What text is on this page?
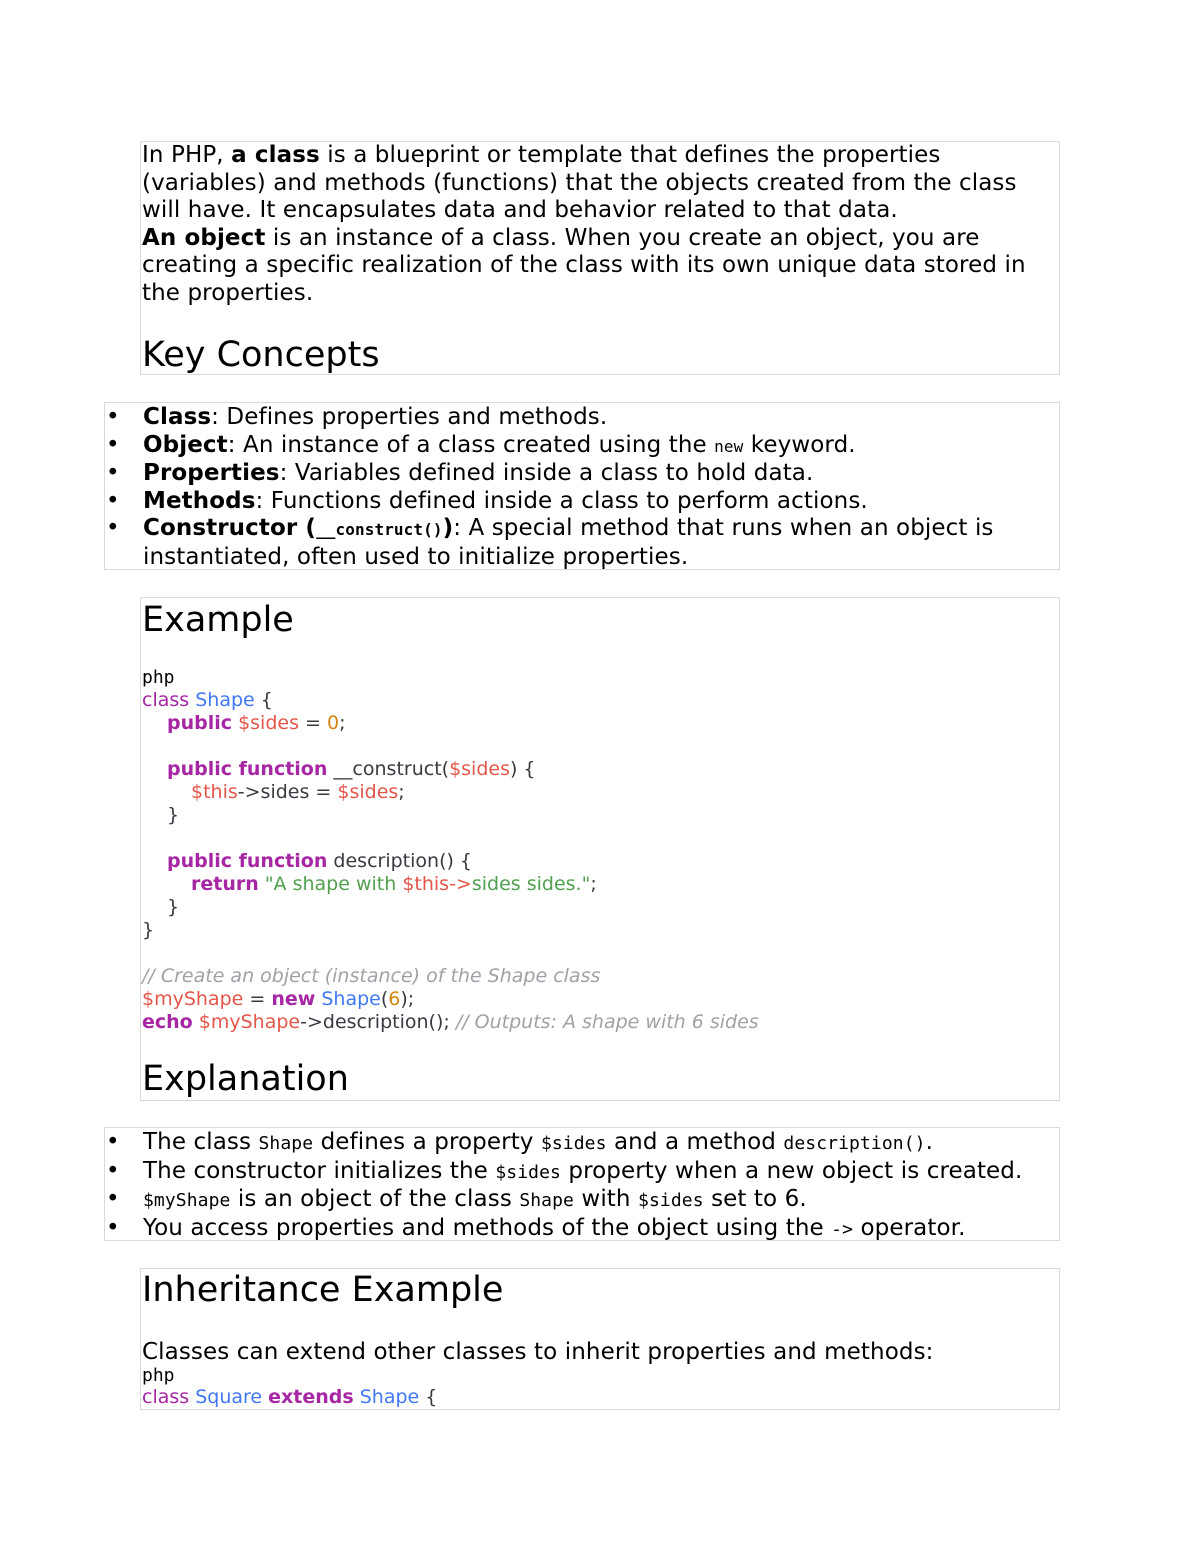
In PHP, a class is a blueprint or template that defines the properties
(variables) and methods (functions) that the objects created from the class
will have. It encapsulates data and behavior related to that data.
An object is an instance of a class. When you create an object, you are
creating a specific realization of the class with its own unique data stored in
the properties.
Key Concepts
• Class: Defines properties and methods.
• Object: An instance of a class created using the new keyword.
• Properties: Variables defined inside a class to hold data.
• Methods: Functions defined inside a class to perform actions.
• Constructor (__construct()): A special method that runs when an object is
instantiated, often used to initialize properties.
Example
php
class Shape {
public $sides = 0;
public function __construct($sides) {
$this->sides = $sides;
}
public function description() {
return "A shape with $this->sides sides.";
}
}
// Create an object (instance) of the Shape class
$myShape = new Shape(6);
echo $myShape->description(); // Outputs: A shape with 6 sides
Explanation
• The class Shape defines a property $sides and a method description().
• The constructor initializes the $sides property when a new object is created.
• $myShape is an object of the class Shape with $sides set to 6.
• You access properties and methods of the object using the -> operator.
Inheritance Example
Classes can extend other classes to inherit properties and methods:
php
class Square extends Shape {
